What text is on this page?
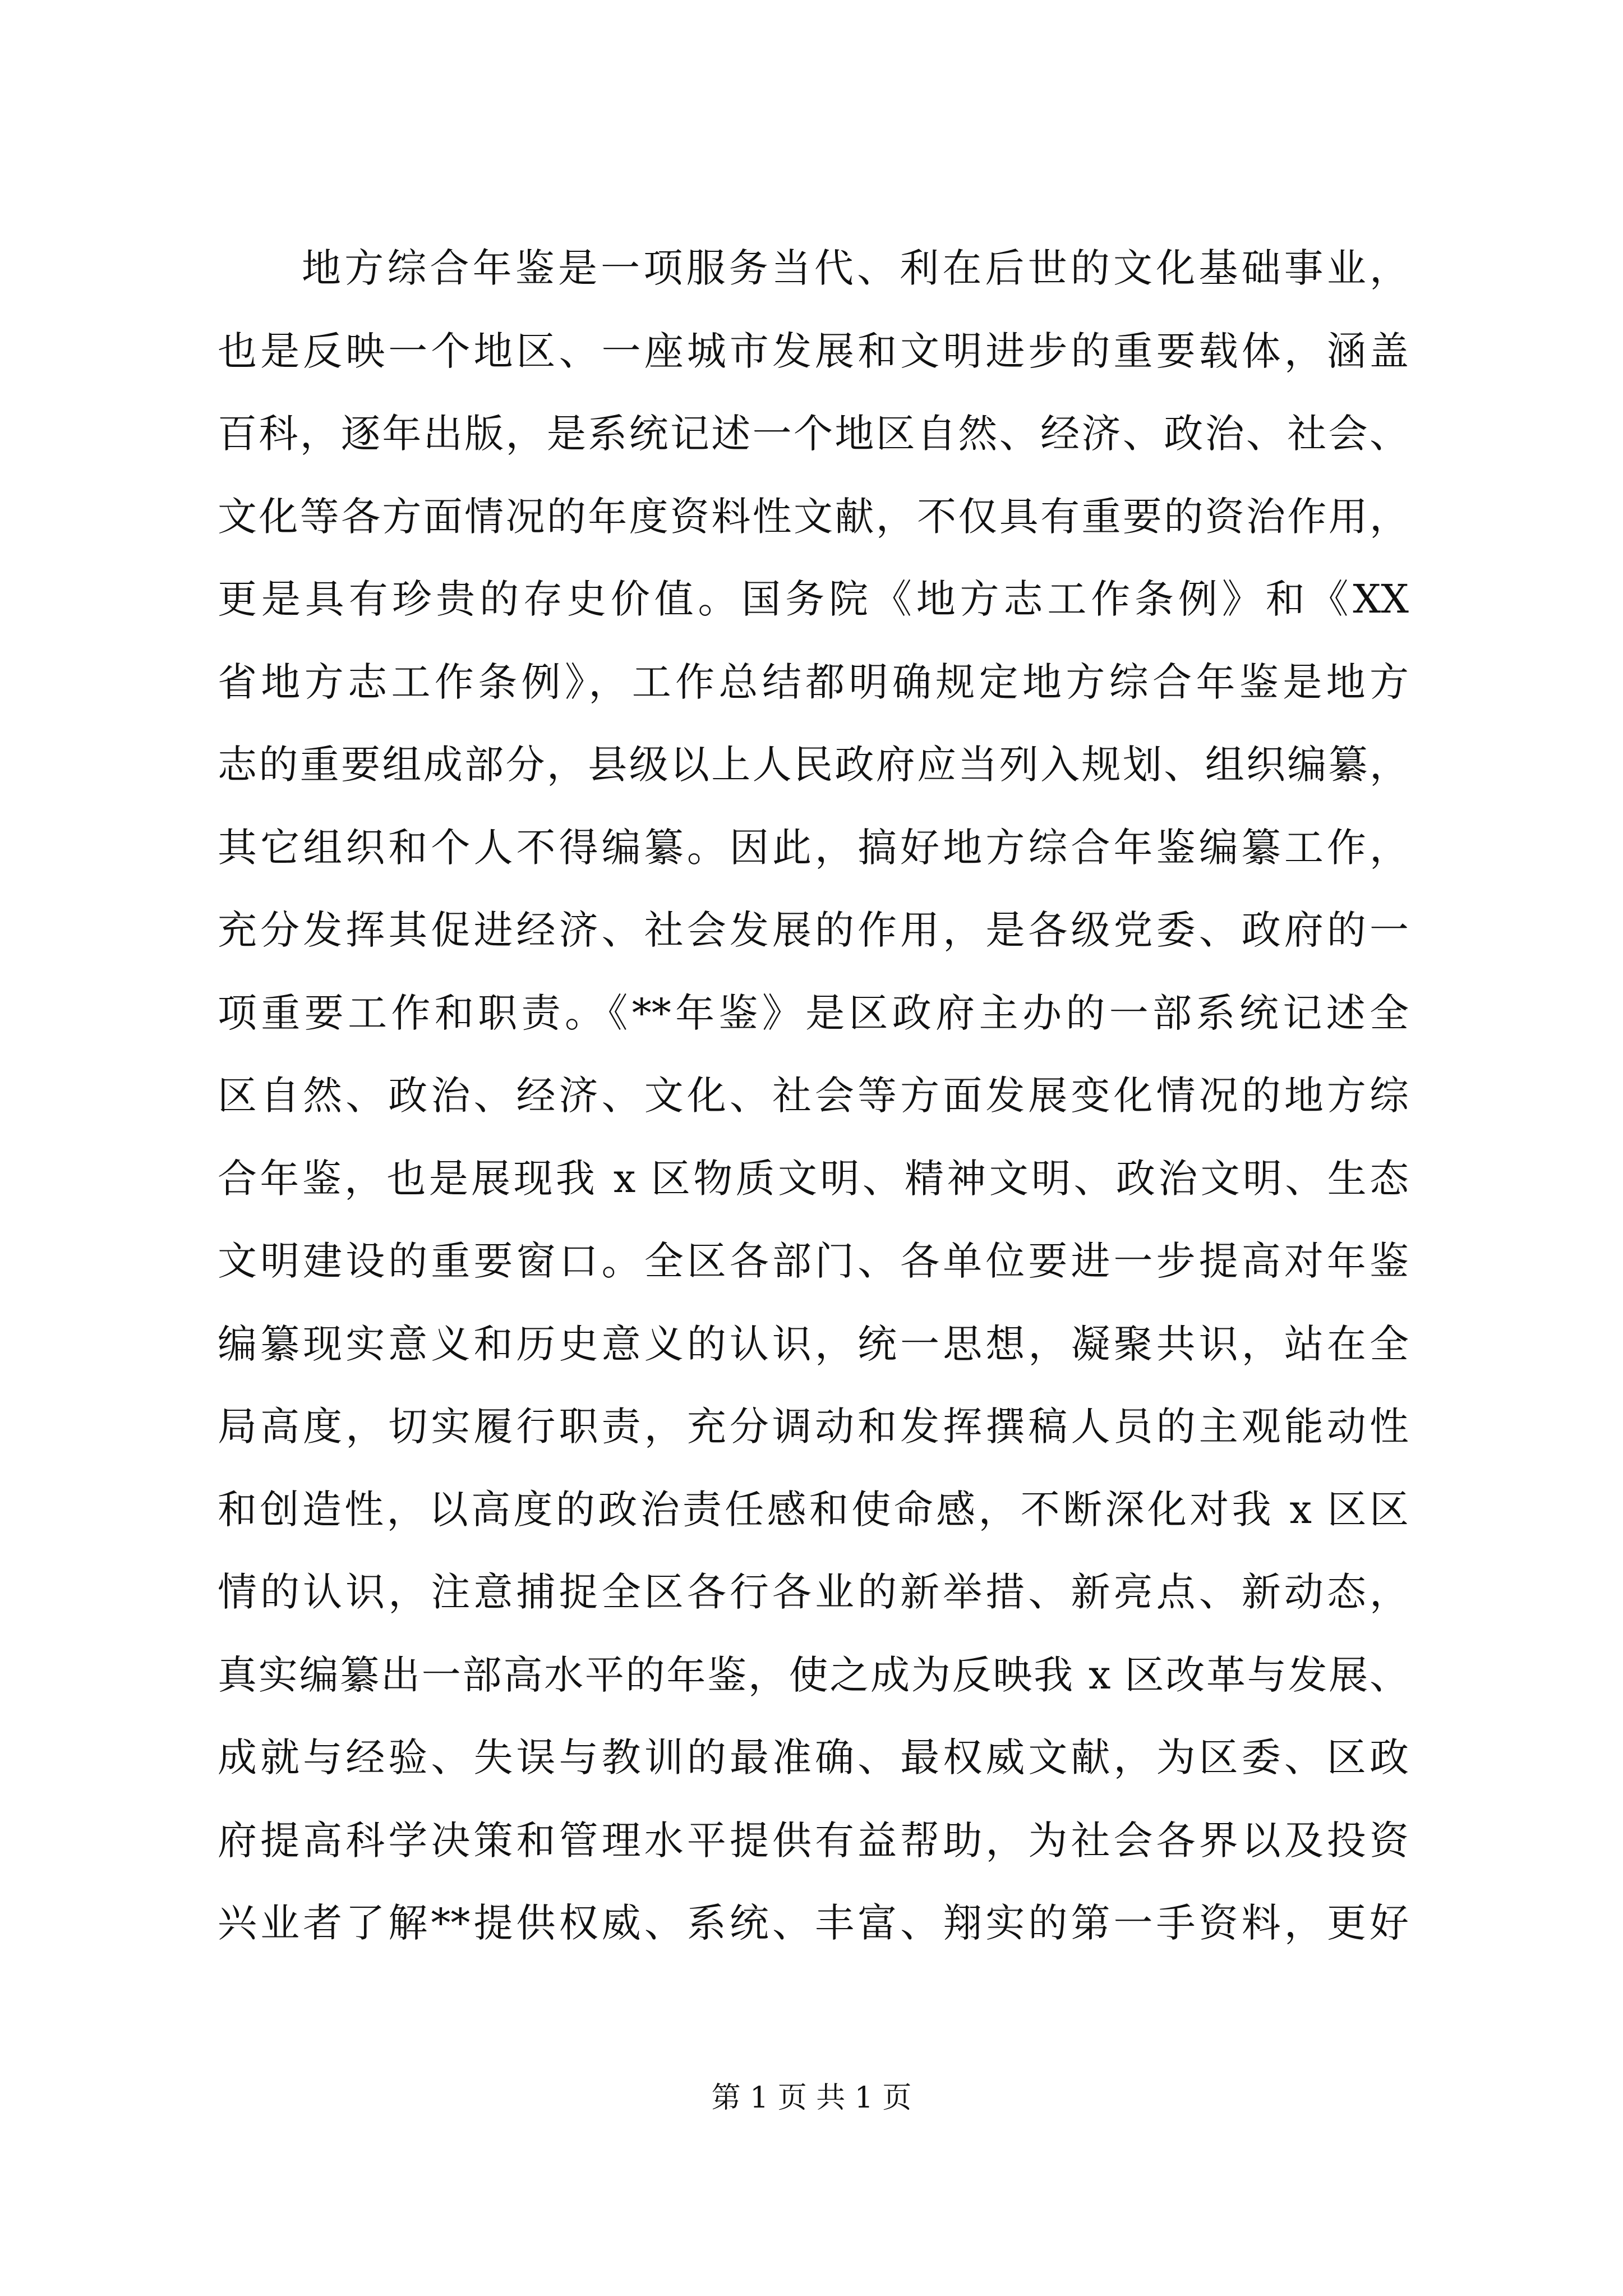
地方综合年鉴是一项服务当代、利在后世的文化基础事业，
也是反映一个地区、一座城市发展和文明进步的重要载体，涵盖
百科，逐年出版，是系统记述一个地区自然、经济、政治、社会、
文化等各方面情况的年度资料性文献，不仅具有重要的资治作用，
更是具有珍贵的存史价值。国务院《地方志工作条例》和《XX
省地方志工作条例》，工作总结都明确规定地方综合年鉴是地方
志的重要组成部分，县级以上人民政府应当列入规划、组织编纂，
其它组织和个人不得编纂。因此，搞好地方综合年鉴编纂工作，
充分发挥其促进经济、社会发展的作用，是各级党委、政府的一
项重要工作和职责。《**年鉴》是区政府主办的一部系统记述全
区自然、政治、经济、文化、社会等方面发展变化情况的地方综
合年鉴，也是展现我 x 区物质文明、精神文明、政治文明、生态
文明建设的重要窗口。全区各部门、各单位要进一步提高对年鉴
编纂现实意义和历史意义的认识，统一思想，凝聚共识，站在全
局高度，切实履行职责，充分调动和发挥撰稿人员的主观能动性
和创造性，以高度的政治责任感和使命感，不断深化对我 x 区区
情的认识，注意捕捉全区各行各业的新举措、新亮点、新动态，
真实编纂出一部高水平的年鉴，使之成为反映我 x 区改革与发展、
成就与经验、失误与教训的最准确、最权威文献，为区委、区政
府提高科学决策和管理水平提供有益帮助，为社会各界以及投资
兴业者了解**提供权威、系统、丰富、翔实的第一手资料，更好
第 1 页 共 1 页
